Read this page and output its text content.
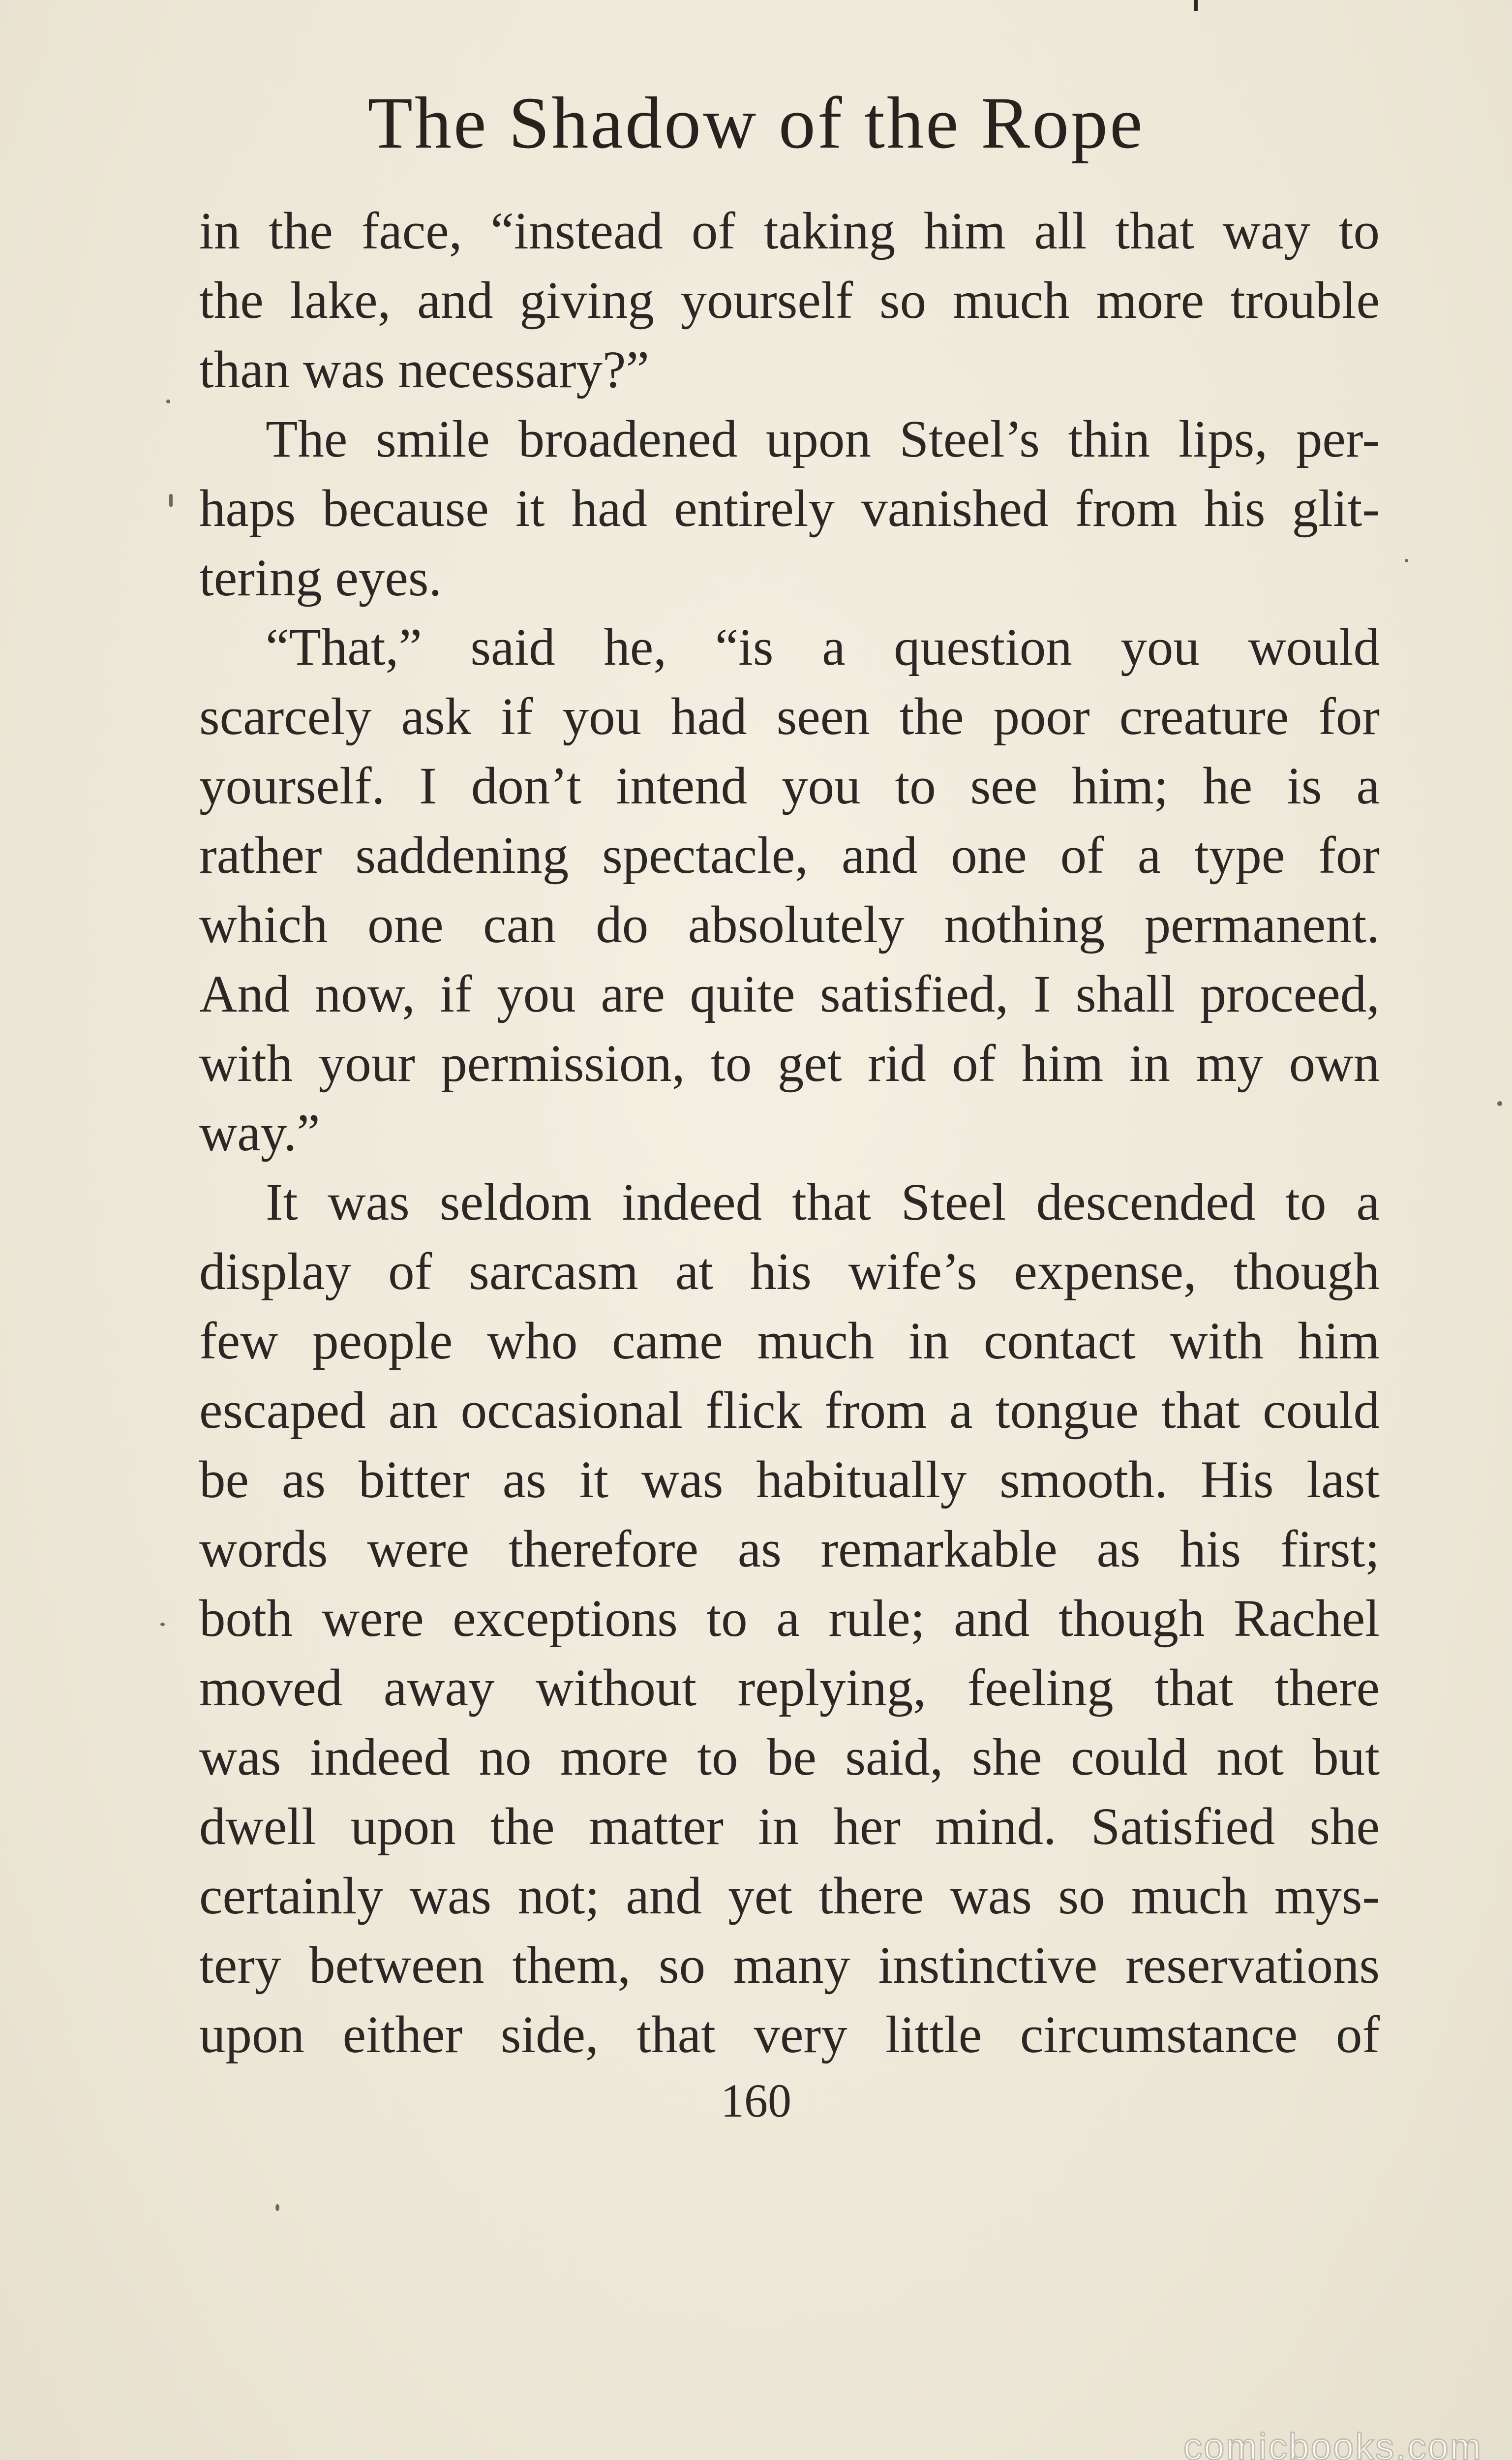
The Shadow of the Rope
in the face, “instead of taking him all that way to
the lake, and giving yourself so much more trouble
than was necessary?”
The smile broadened upon Steel’s thin lips, per-
haps because it had entirely vanished from his glit-
tering eyes.
“That,” said he, “is a question you would
scarcely ask if you had seen the poor creature for
yourself. I don’t intend you to see him; he is a
rather saddening spectacle, and one of a type for
which one can do absolutely nothing permanent.
And now, if you are quite satisfied, I shall proceed,
with your permission, to get rid of him in my own
way.”
It was seldom indeed that Steel descended to a
display of sarcasm at his wife’s expense, though
few people who came much in contact with him
escaped an occasional flick from a tongue that could
be as bitter as it was habitually smooth. His last
words were therefore as remarkable as his first;
both were exceptions to a rule; and though Rachel
moved away without replying, feeling that there
was indeed no more to be said, she could not but
dwell upon the matter in her mind. Satisfied she
certainly was not; and yet there was so much mys-
tery between them, so many instinctive reservations
upon either side, that very little circumstance of
160
comicbooks.com
